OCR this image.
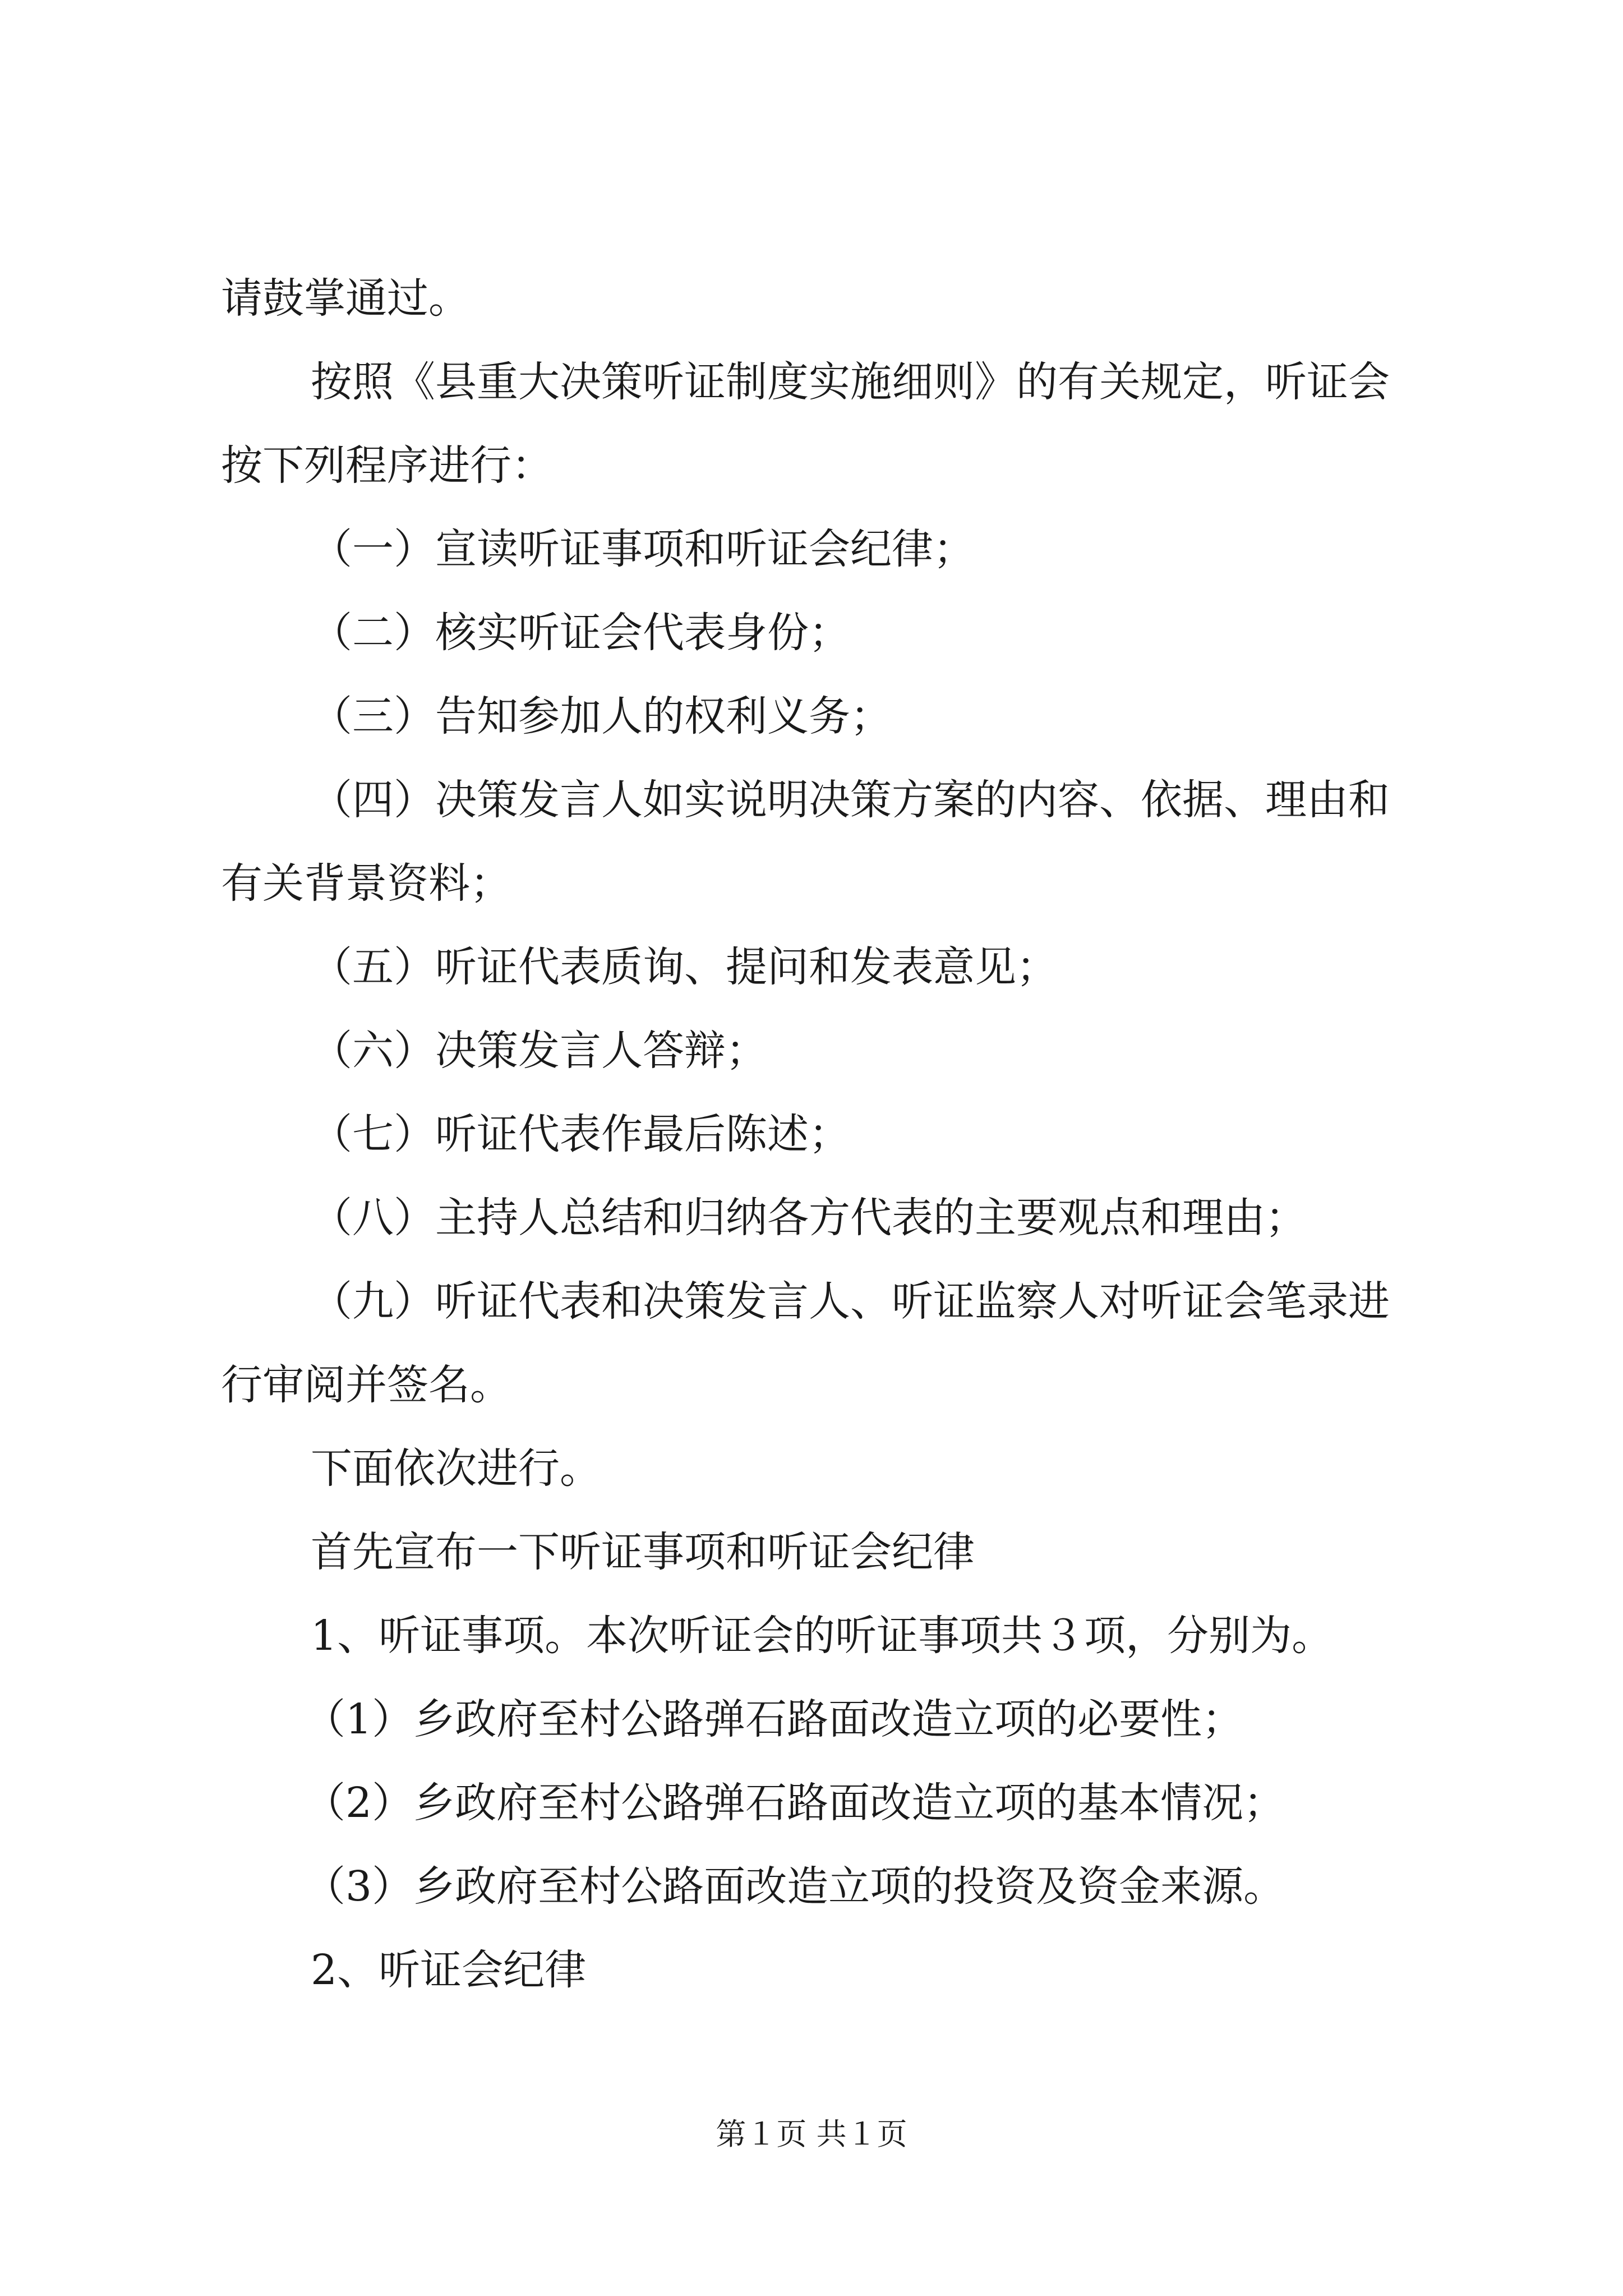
请鼓掌通过。

按照《县重大决策听证制度实施细则》的有关规定，听证会

按下列程序进行：

（一）宣读听证事项和听证会纪律；

（二）核实听证会代表身份；

（三）告知参加人的权利义务；

（四）决策发言人如实说明决策方案的内容、依据、理由和

有关背景资料；

（五）听证代表质询、提问和发表意见；

（六）决策发言人答辩；

（七）听证代表作最后陈述；

（八）主持人总结和归纳各方代表的主要观点和理由；

（九）听证代表和决策发言人、听证监察人对听证会笔录进

行审阅并签名。

下面依次进行。

首先宣布一下听证事项和听证会纪律

1、听证事项。本次听证会的听证事项共３项，分别为。

（1）乡政府至村公路弹石路面改造立项的必要性；

（2）乡政府至村公路弹石路面改造立项的基本情况；

（3）乡政府至村公路面改造立项的投资及资金来源。

2、听证会纪律

第１页 共１页
